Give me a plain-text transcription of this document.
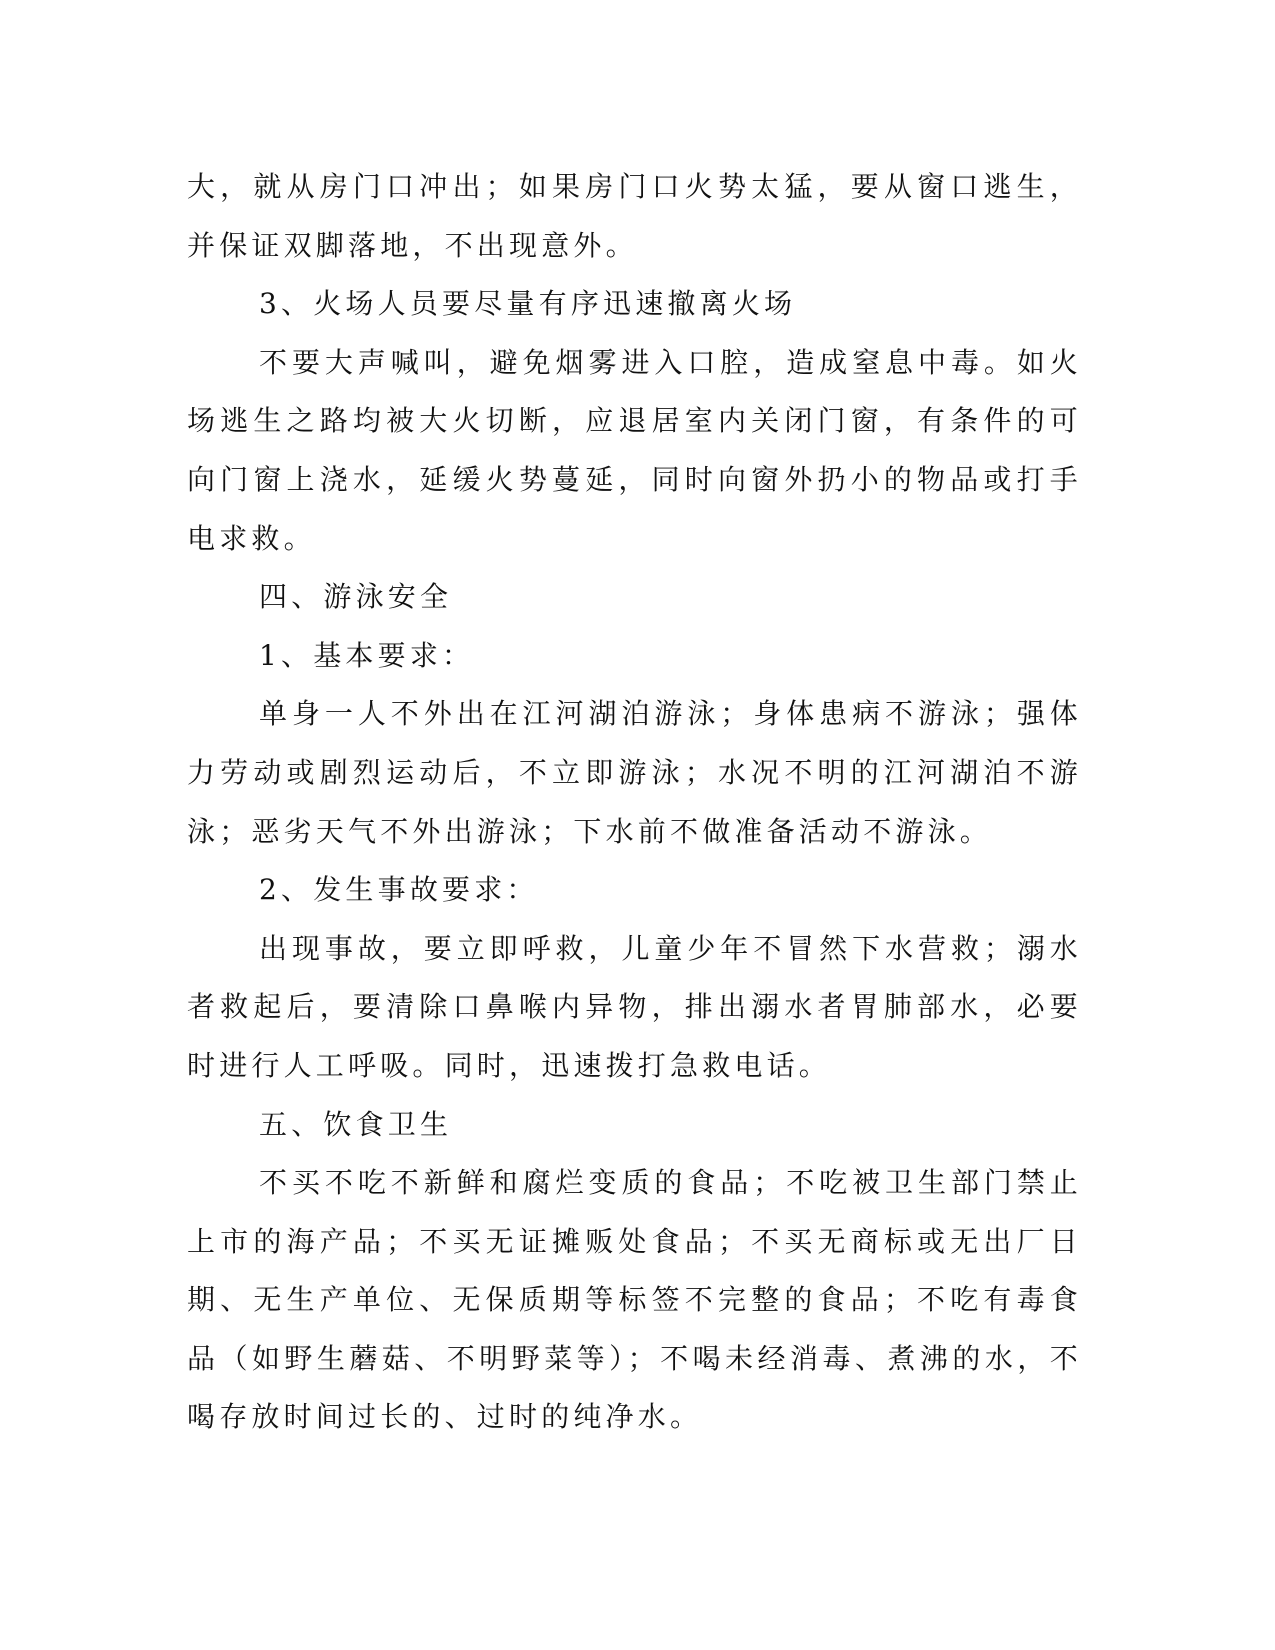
大，就从房门口冲出；如果房门口火势太猛，要从窗口逃生，并保证双脚落地，不出现意外。

3、火场人员要尽量有序迅速撤离火场

不要大声喊叫，避免烟雾进入口腔，造成窒息中毒。如火场逃生之路均被大火切断，应退居室内关闭门窗，有条件的可向门窗上浇水，延缓火势蔓延，同时向窗外扔小的物品或打手电求救。

四、游泳安全

1、基本要求：

单身一人不外出在江河湖泊游泳；身体患病不游泳；强体力劳动或剧烈运动后，不立即游泳；水况不明的江河湖泊不游泳；恶劣天气不外出游泳；下水前不做准备活动不游泳。

2、发生事故要求：

出现事故，要立即呼救，儿童少年不冒然下水营救；溺水者救起后，要清除口鼻喉内异物，排出溺水者胃肺部水，必要时进行人工呼吸。同时，迅速拨打急救电话。

五、饮食卫生

不买不吃不新鲜和腐烂变质的食品；不吃被卫生部门禁止上市的海产品；不买无证摊贩处食品；不买无商标或无出厂日期、无生产单位、无保质期等标签不完整的食品；不吃有毒食品（如野生蘑菇、不明野菜等）；不喝未经消毒、煮沸的水，不喝存放时间过长的、过时的纯净水。
